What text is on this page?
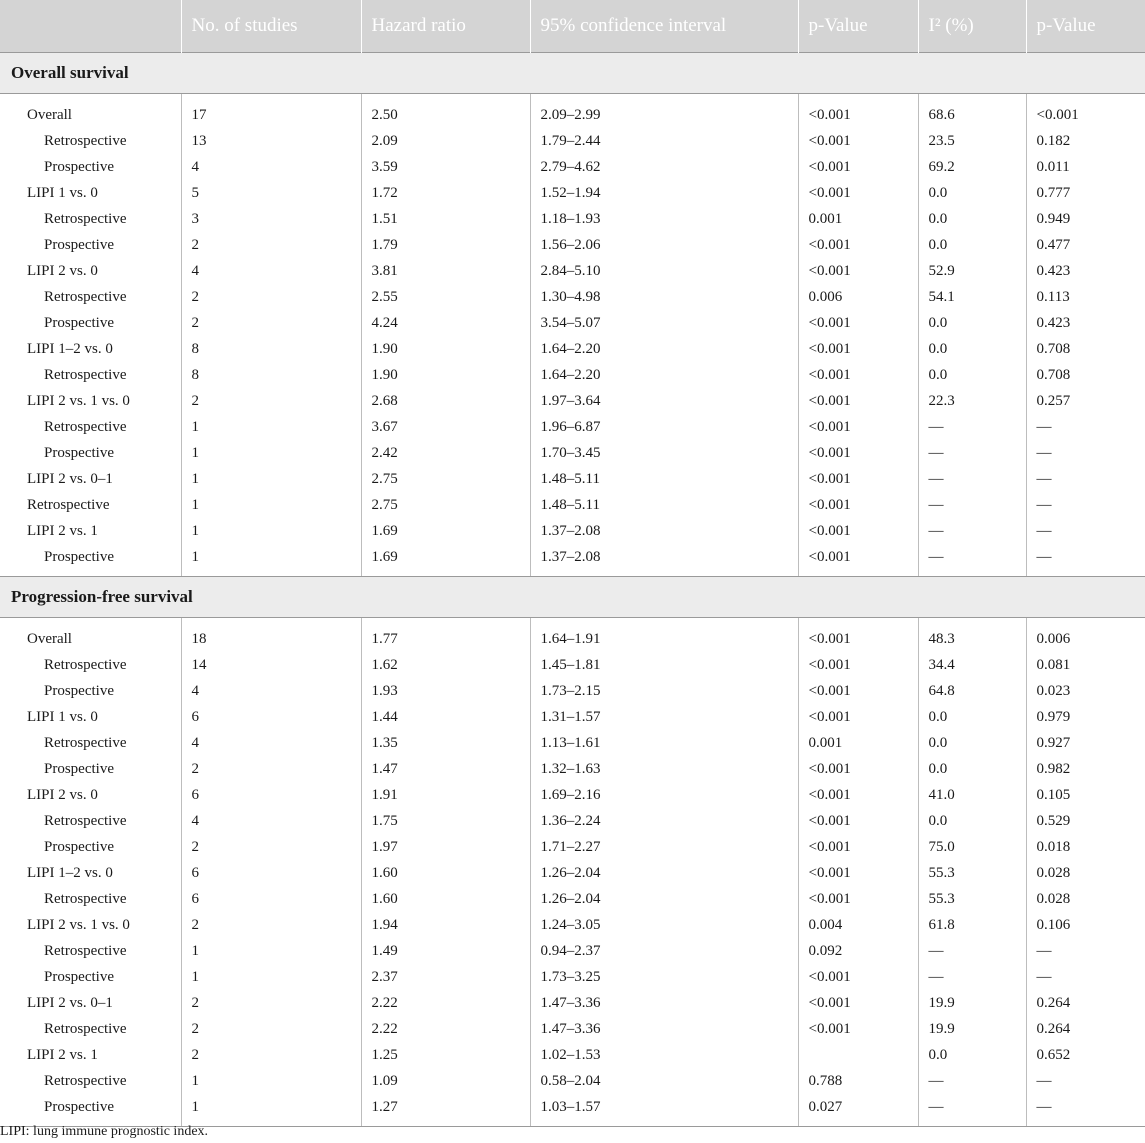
	No. of studies	Hazard ratio	95% confidence interval	p-Value	I² (%)	p-Value
Overall survival						

Overall	17	2.50	2.09–2.99	<0.001	68.6	<0.001
Retrospective	13	2.09	1.79–2.44	<0.001	23.5	0.182
Prospective	4	3.59	2.79–4.62	<0.001	69.2	0.011
LIPI 1 vs. 0	5	1.72	1.52–1.94	<0.001	0.0	0.777
Retrospective	3	1.51	1.18–1.93	0.001	0.0	0.949
Prospective	2	1.79	1.56–2.06	<0.001	0.0	0.477
LIPI 2 vs. 0	4	3.81	2.84–5.10	<0.001	52.9	0.423
Retrospective	2	2.55	1.30–4.98	0.006	54.1	0.113
Prospective	2	4.24	3.54–5.07	<0.001	0.0	0.423
LIPI 1–2 vs. 0	8	1.90	1.64–2.20	<0.001	0.0	0.708
Retrospective	8	1.90	1.64–2.20	<0.001	0.0	0.708
LIPI 2 vs. 1 vs. 0	2	2.68	1.97–3.64	<0.001	22.3	0.257
Retrospective	1	3.67	1.96–6.87	<0.001	—	—
Prospective	1	2.42	1.70–3.45	<0.001	—	—
LIPI 2 vs. 0–1	1	2.75	1.48–5.11	<0.001	—	—
Retrospective	1	2.75	1.48–5.11	<0.001	—	—
LIPI 2 vs. 1	1	1.69	1.37–2.08	<0.001	—	—
Prospective	1	1.69	1.37–2.08	<0.001	—	—

Progression-free survival						

Overall	18	1.77	1.64–1.91	<0.001	48.3	0.006
Retrospective	14	1.62	1.45–1.81	<0.001	34.4	0.081
Prospective	4	1.93	1.73–2.15	<0.001	64.8	0.023
LIPI 1 vs. 0	6	1.44	1.31–1.57	<0.001	0.0	0.979
Retrospective	4	1.35	1.13–1.61	0.001	0.0	0.927
Prospective	2	1.47	1.32–1.63	<0.001	0.0	0.982
LIPI 2 vs. 0	6	1.91	1.69–2.16	<0.001	41.0	0.105
Retrospective	4	1.75	1.36–2.24	<0.001	0.0	0.529
Prospective	2	1.97	1.71–2.27	<0.001	75.0	0.018
LIPI 1–2 vs. 0	6	1.60	1.26–2.04	<0.001	55.3	0.028
Retrospective	6	1.60	1.26–2.04	<0.001	55.3	0.028
LIPI 2 vs. 1 vs. 0	2	1.94	1.24–3.05	0.004	61.8	0.106
Retrospective	1	1.49	0.94–2.37	0.092	—	—
Prospective	1	2.37	1.73–3.25	<0.001	—	—
LIPI 2 vs. 0–1	2	2.22	1.47–3.36	<0.001	19.9	0.264
Retrospective	2	2.22	1.47–3.36	<0.001	19.9	0.264
LIPI 2 vs. 1	2	1.25	1.02–1.53		0.0	0.652
Retrospective	1	1.09	0.58–2.04	0.788	—	—
Prospective	1	1.27	1.03–1.57	0.027	—	—

LIPI: lung immune prognostic index.
